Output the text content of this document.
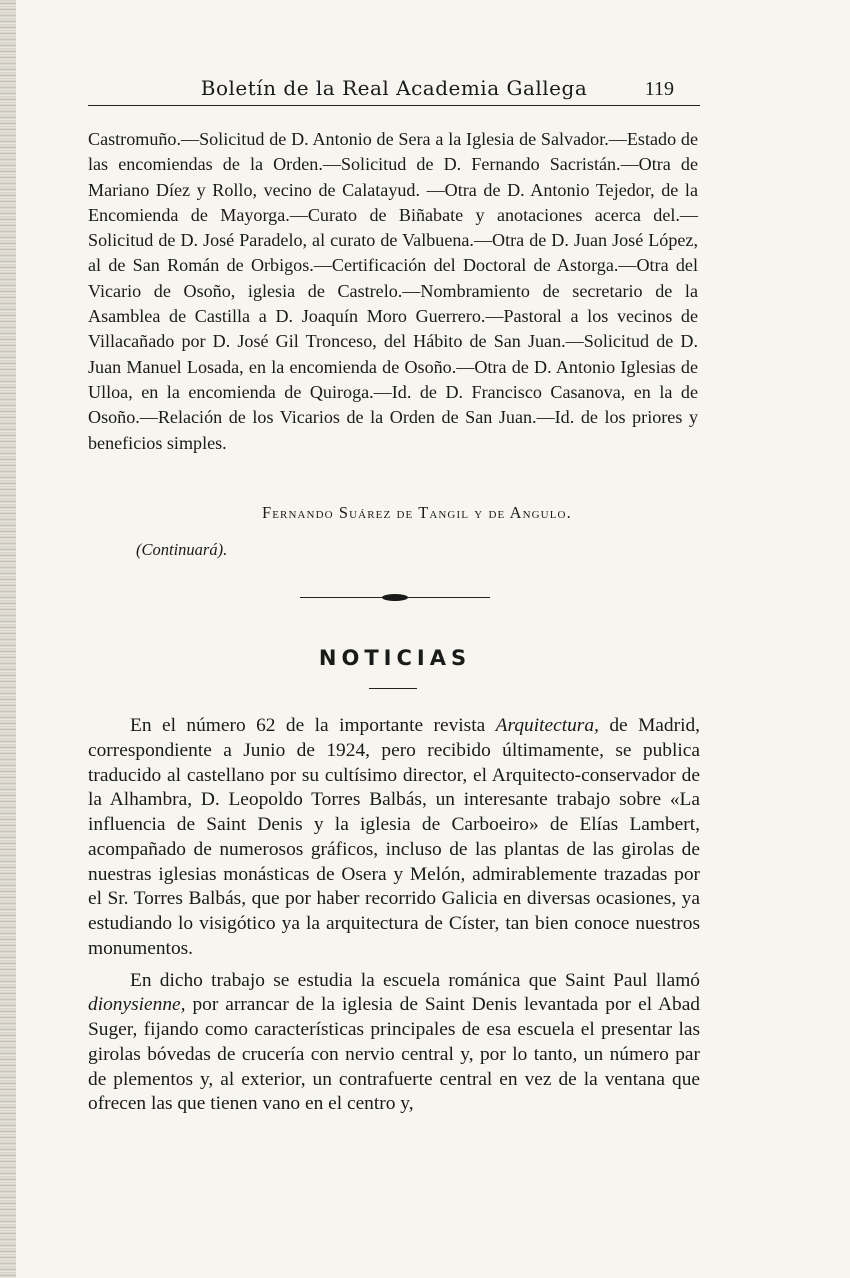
Boletín de la Real Academia Gallega	119

Castromuño.—Solicitud de D. Antonio de Sera a la Iglesia de Salvador.—Estado de las encomiendas de la Orden.—Solicitud de D. Fernando Sacristán.—Otra de Mariano Díez y Rollo, vecino de Calatayud. —Otra de D. Antonio Tejedor, de la Encomienda de Mayorga.—Curato de Biñabate y anotaciones acerca del.—Solicitud de D. José Paradelo, al curato de Valbuena.—Otra de D. Juan José López, al de San Román de Orbigos.—Certificación del Doctoral de Astorga.—Otra del Vicario de Osoño, iglesia de Castrelo.—Nombramiento de secretario de la Asamblea de Castilla a D. Joaquín Moro Guerrero.—Pastoral a los vecinos de Villacañado por D. José Gil Tronceso, del Hábito de San Juan.—Solicitud de D. Juan Manuel Losada, en la encomienda de Osoño.—Otra de D. Antonio Iglesias de Ulloa, en la encomienda de Quiroga.—Id. de D. Francisco Casanova, en la de Osoño.—Relación de los Vicarios de la Orden de San Juan.—Id. de los priores y beneficios simples.

Fernando Suárez de Tangil y de Angulo.
(Continuará).
NOTICIAS

En el número 62 de la importante revista Arquitectura, de Madrid, correspondiente a Junio de 1924, pero recibido últimamente, se publica traducido al castellano por su cultísimo director, el Arquitecto-conservador de la Alhambra, D. Leopoldo Torres Balbás, un interesante trabajo sobre «La influencia de Saint Denis y la iglesia de Carboeiro» de Elías Lambert, acompañado de numerosos gráficos, incluso de las plantas de las girolas de nuestras iglesias monásticas de Osera y Melón, admirablemente trazadas por el Sr. Torres Balbás, que por haber recorrido Galicia en diversas ocasiones, ya estudiando lo visigótico ya la arquitectura de Císter, tan bien conoce nuestros monumentos.

En dicho trabajo se estudia la escuela románica que Saint Paul llamó dionysienne, por arrancar de la iglesia de Saint Denis levantada por el Abad Suger, fijando como características principales de esa escuela el presentar las girolas bóvedas de crucería con nervio central y, por lo tanto, un número par de plementos y, al exterior, un contrafuerte central en vez de la ventana que ofrecen las que tienen vano en el centro y,
